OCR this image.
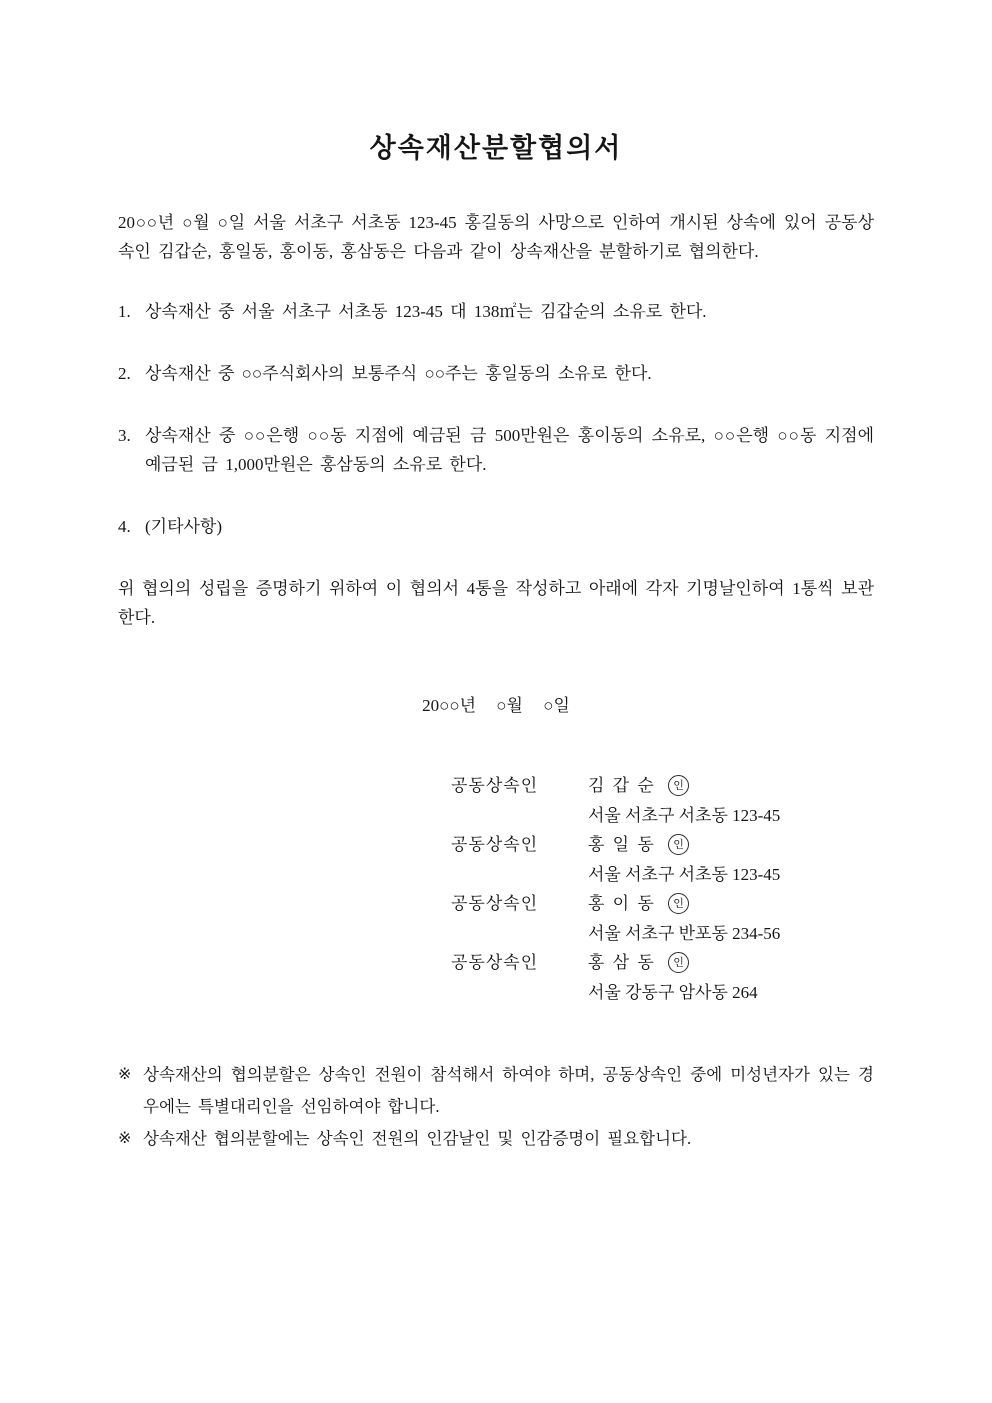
상속재산분할협의서

20○○년 ○월 ○일 서울 서초구 서초동 123-45 홍길동의 사망으로 인하여 개시된 상속에 있어 공동상속인 김갑순, 홍일동, 홍이동, 홍삼동은 다음과 같이 상속재산을 분할하기로 협의한다.

1. 상속재산 중 서울 서초구 서초동 123-45 대 138㎡는 김갑순의 소유로 한다.

2. 상속재산 중 ○○주식회사의 보통주식 ○○주는 홍일동의 소유로 한다.

3. 상속재산 중 ○○은행 ○○동 지점에 예금된 금 500만원은 홍이동의 소유로, ○○은행 ○○동 지점에 예금된 금 1,000만원은 홍삼동의 소유로 한다.

4. (기타사항)

위 협의의 성립을 증명하기 위하여 이 협의서 4통을 작성하고 아래에 각자 기명날인하여 1통씩 보관한다.

20○○년 ○월 ○일

공동상속인	김 갑 순 인
서울 서초구 서초동 123-45
공동상속인	홍 일 동 인
서울 서초구 서초동 123-45
공동상속인	홍 이 동 인
서울 서초구 반포동 234-56
공동상속인	홍 삼 동 인
서울 강동구 암사동 264
※ 상속재산의 협의분할은 상속인 전원이 참석해서 하여야 하며, 공동상속인 중에 미성년자가 있는 경우에는 특별대리인을 선임하여야 합니다.

※ 상속재산 협의분할에는 상속인 전원의 인감날인 및 인감증명이 필요합니다.
